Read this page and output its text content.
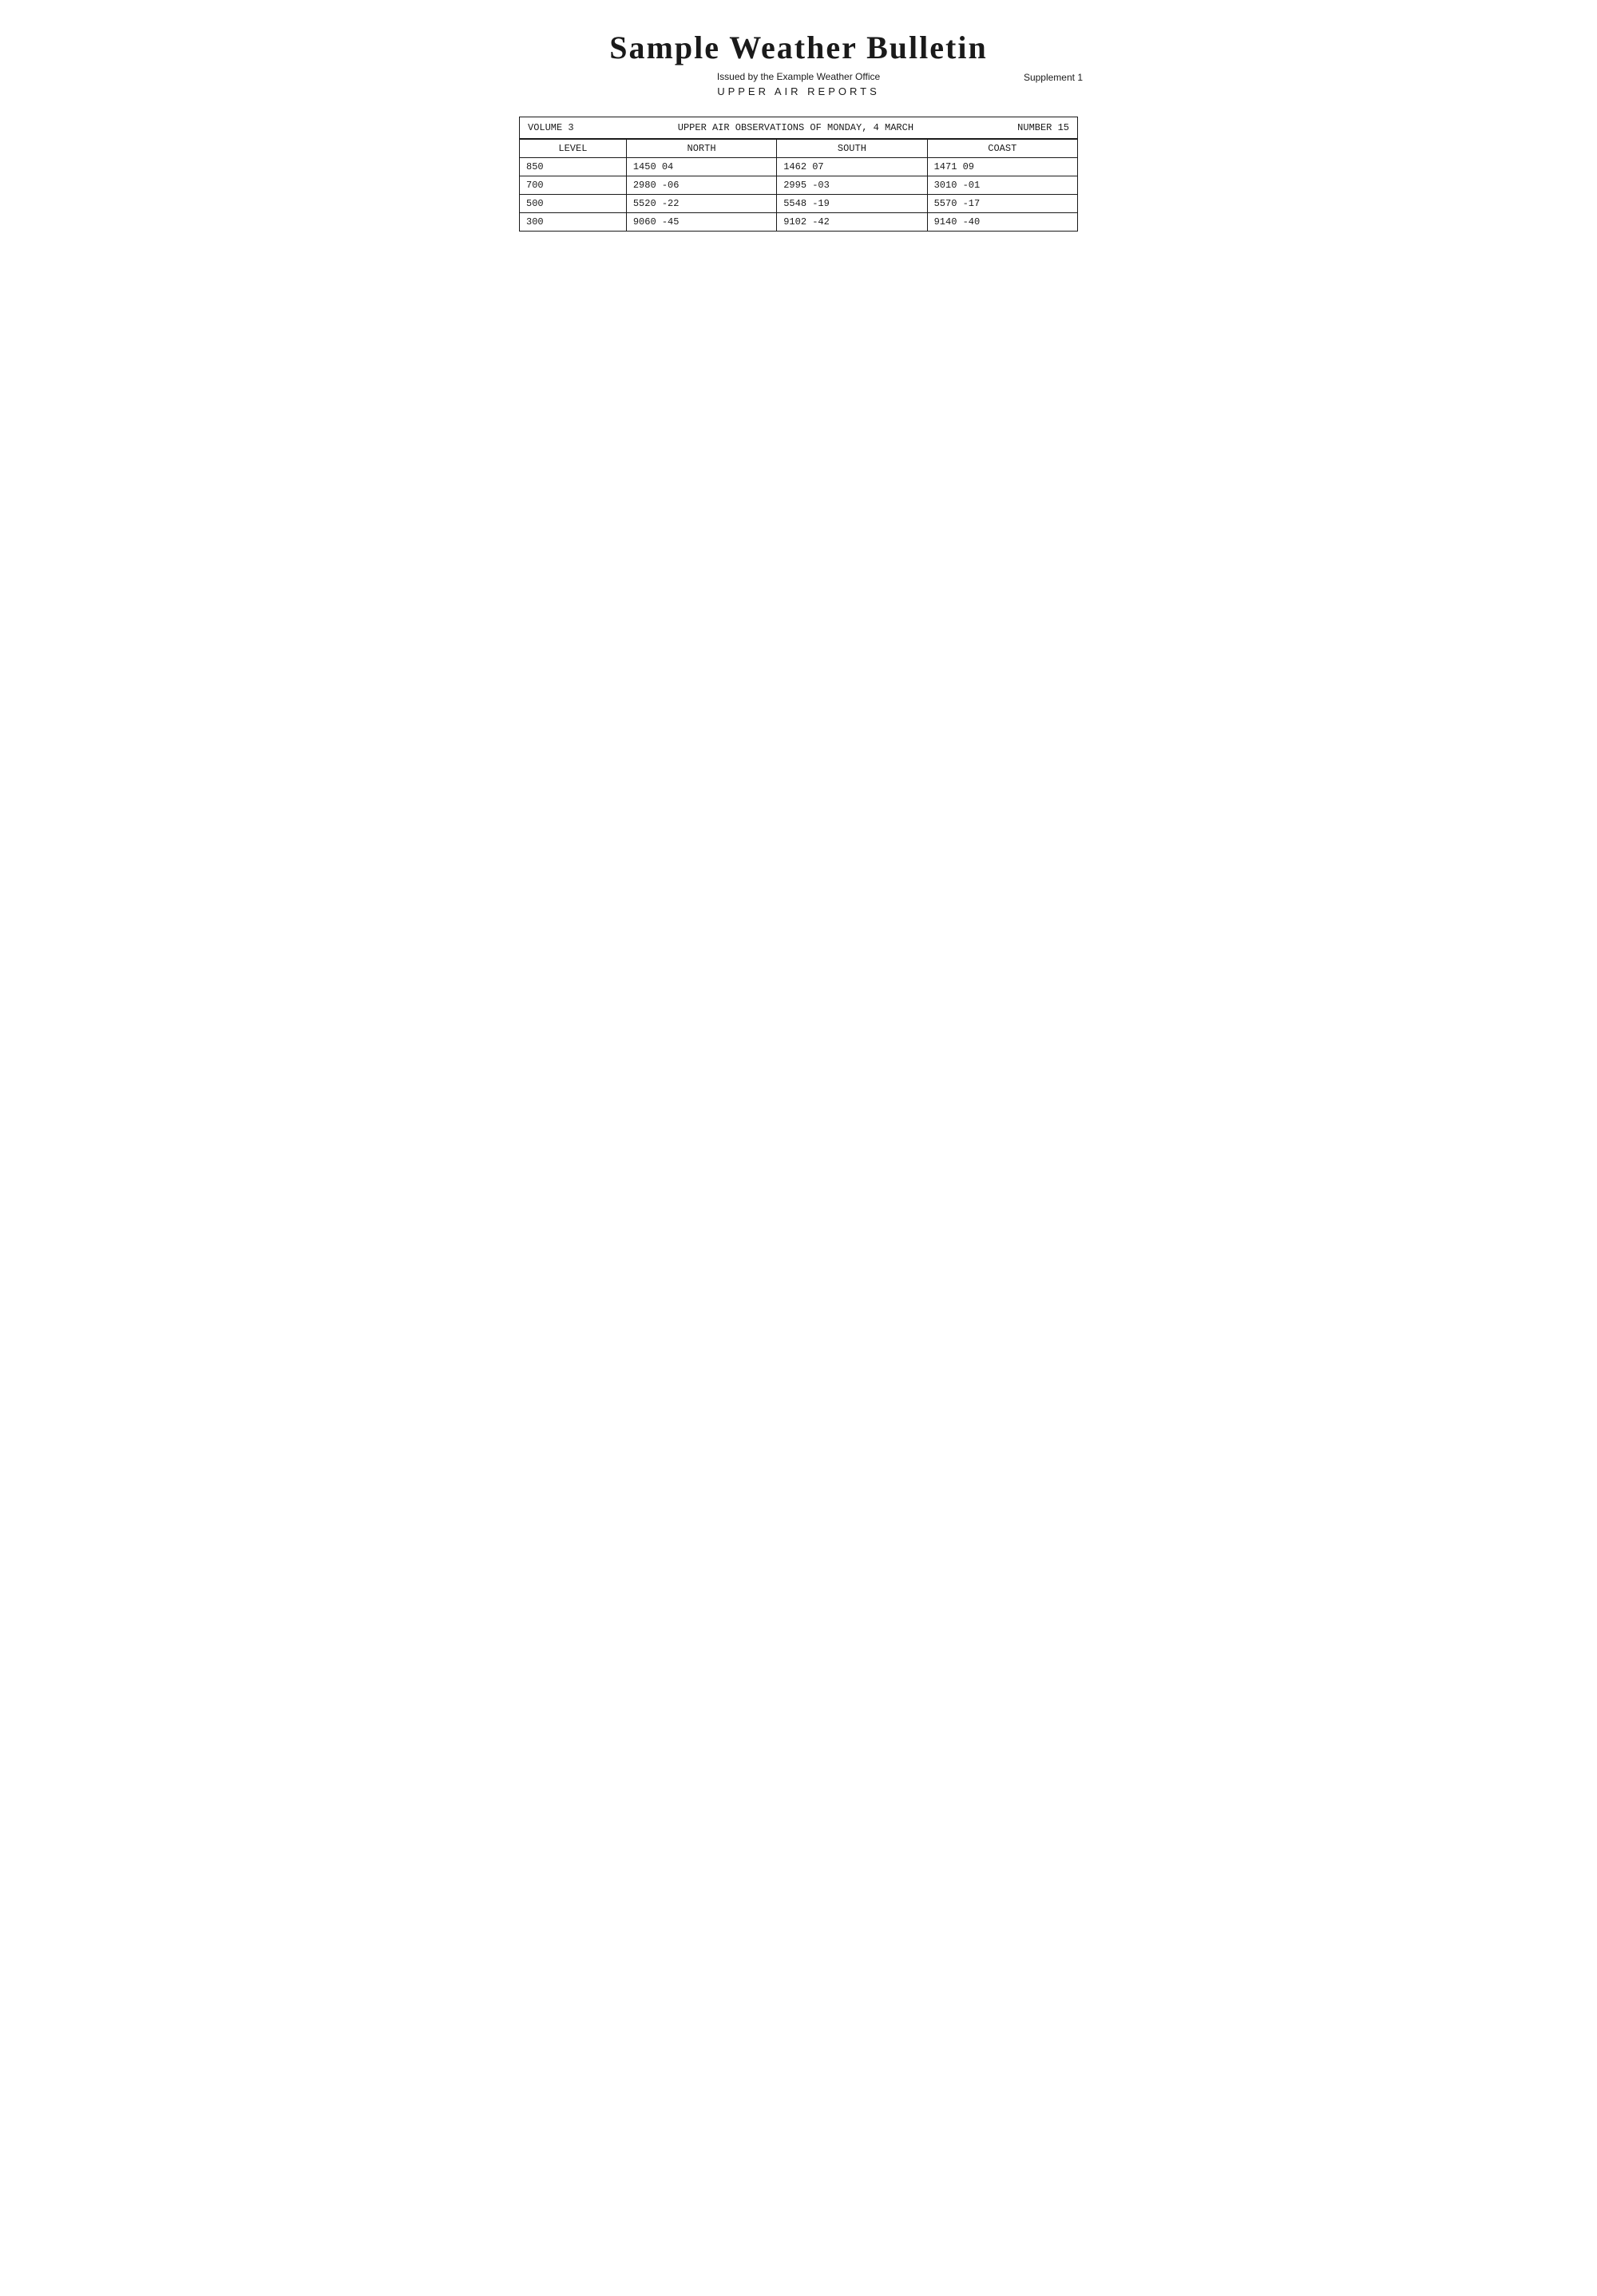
Sample Weather Bulletin
Issued by the Example Weather Office
UPPER AIR REPORTS
Supplement 1
VOLUME 3	UPPER AIR OBSERVATIONS OF MONDAY, 4 MARCH	NUMBER 15
LEVEL	NORTH	SOUTH	COAST
850	1450 04	1462 07	1471 09
700	2980 -06	2995 -03	3010 -01
500	5520 -22	5548 -19	5570 -17
300	9060 -45	9102 -42	9140 -40
